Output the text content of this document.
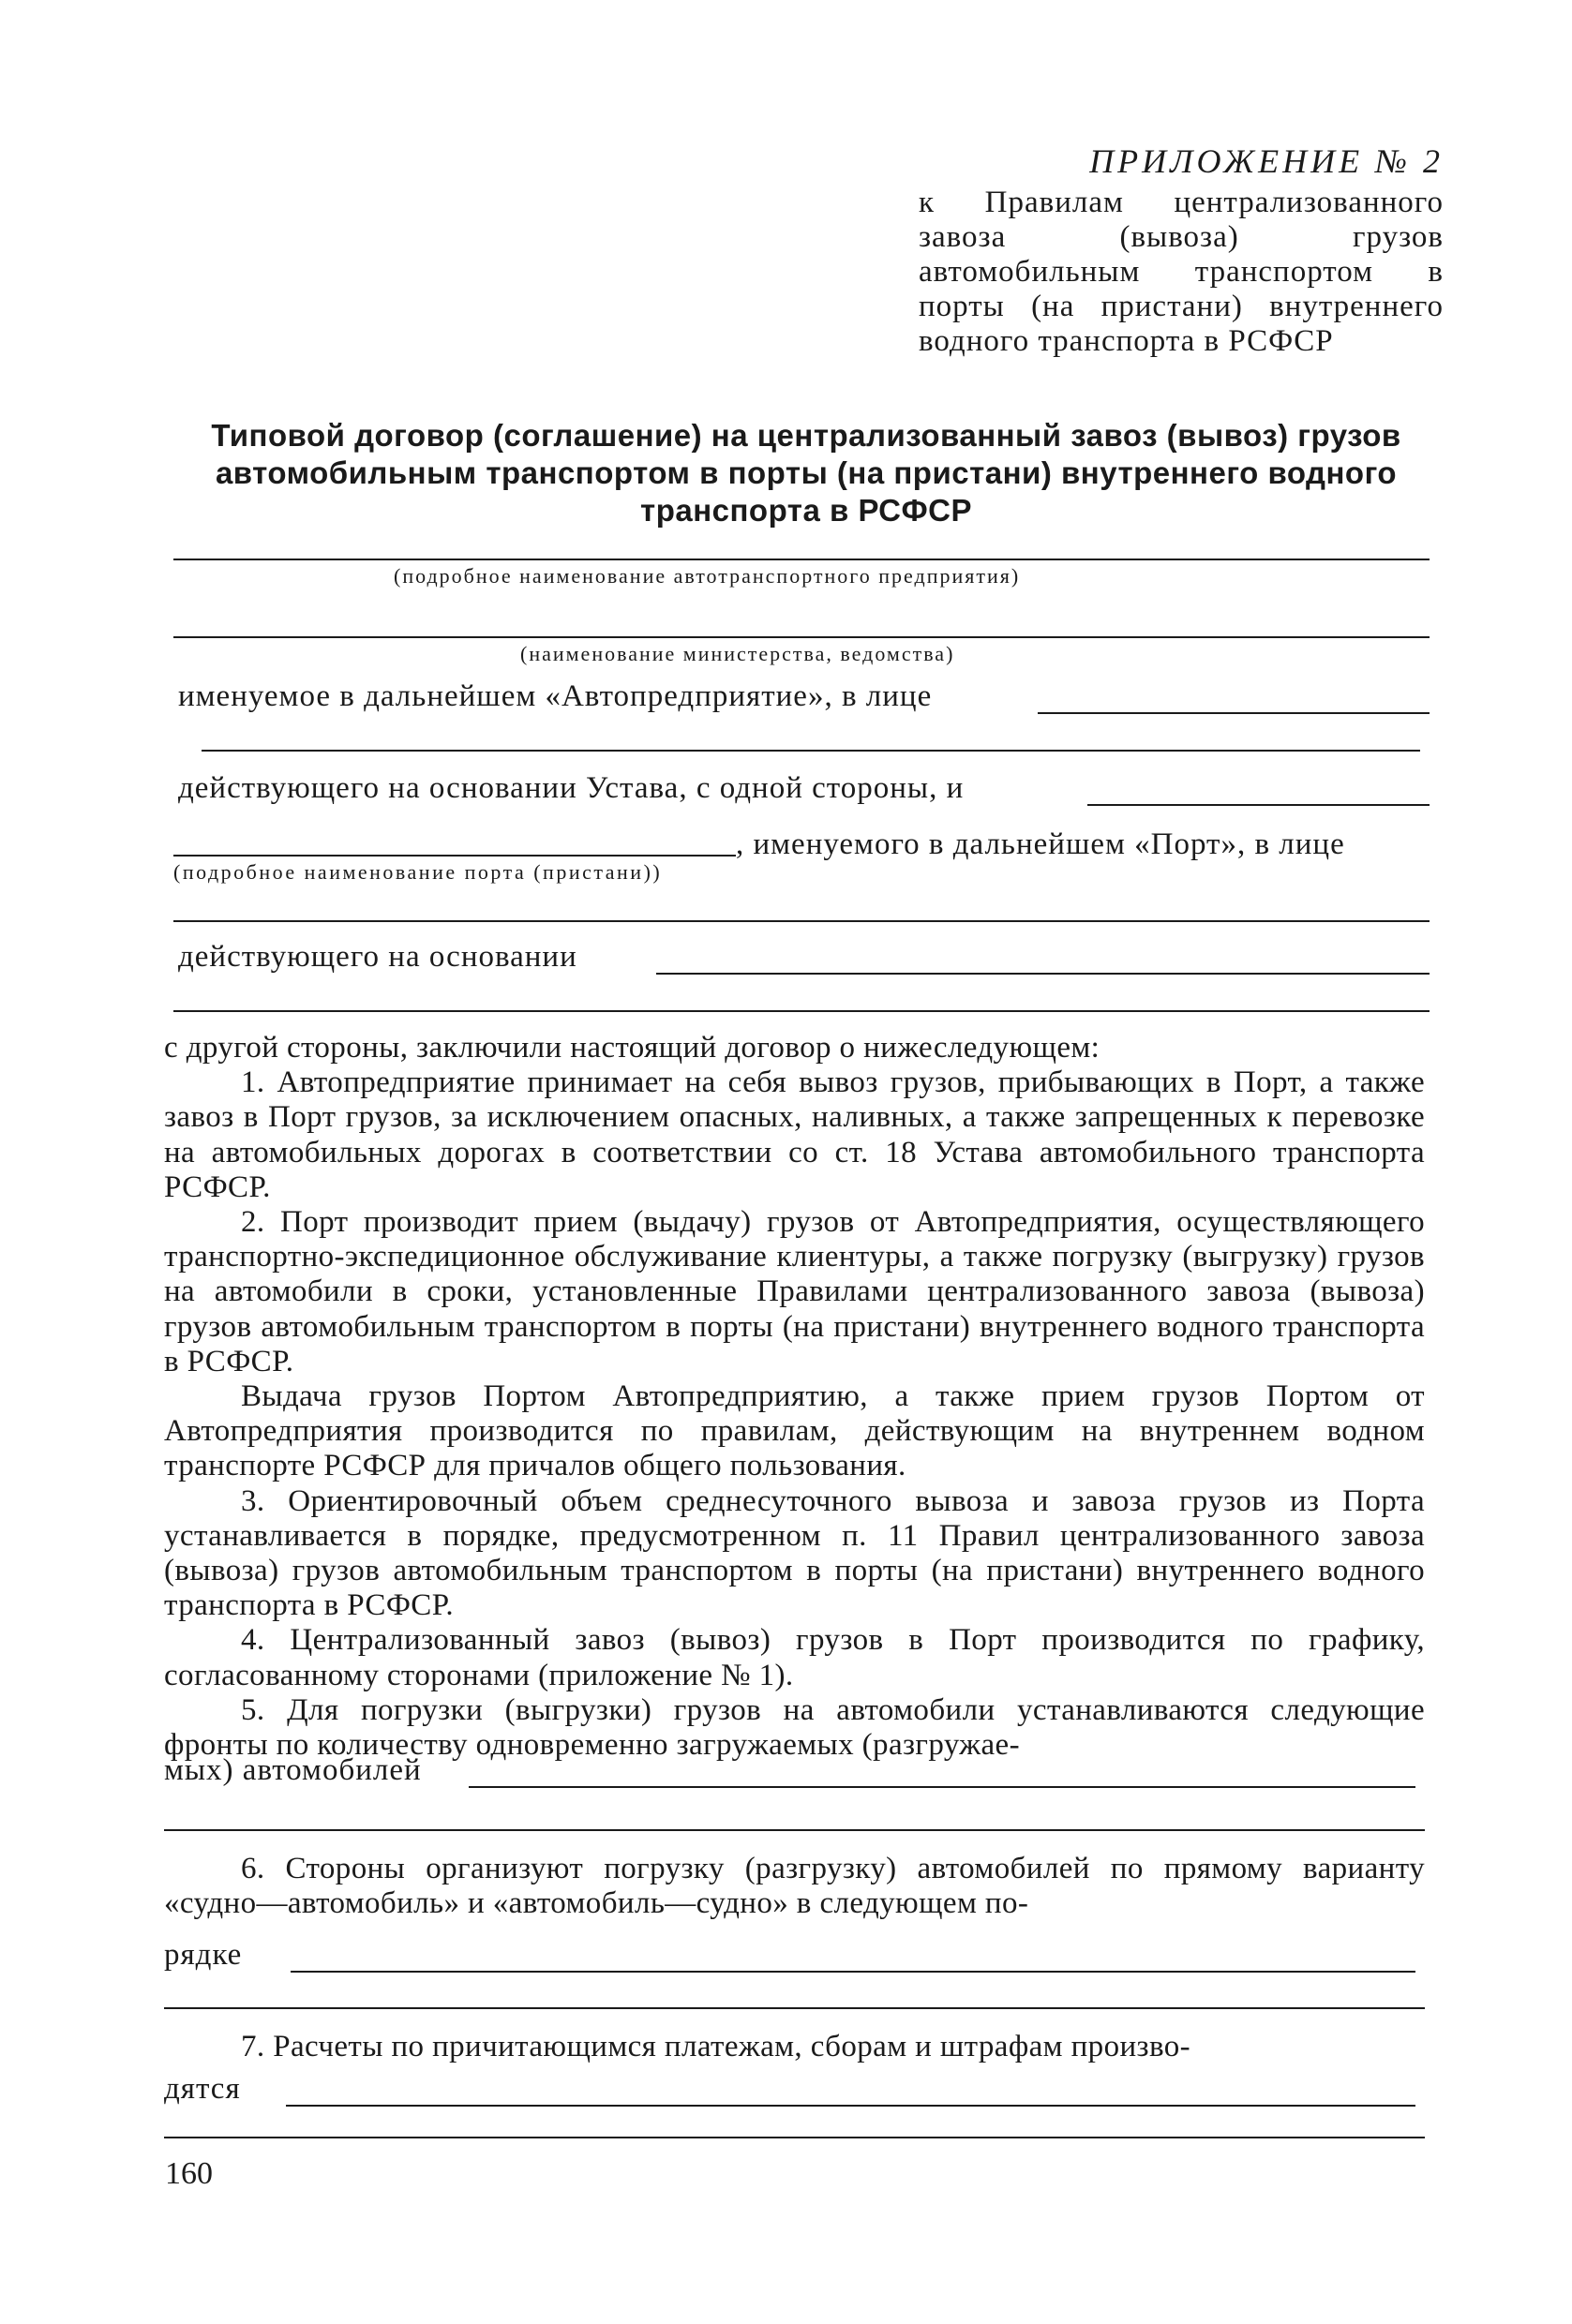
ПРИЛОЖЕНИЕ № 2
к Правилам централизованного завоза (вывоза) грузов автомобильным транспортом в порты (на пристани) внутреннего водного транспорта в РСФСР
Типовой договор (соглашение) на централизованный завоз (вывоз) грузов
автомобильным транспортом в порты (на пристани) внутреннего водного
транспорта в РСФСР
(подробное наименование автотранспортного предприятия)
(наименование министерства, ведомства)
именуемое в дальнейшем «Автопредприятие», в лице
действующего на основании Устава, с одной стороны, и
, именуемого в дальнейшем «Порт», в лице
(подробное наименование порта (пристани))
действующего на основании

с другой стороны, заключили настоящий договор о нижеследующем:

1. Автопредприятие принимает на себя вывоз грузов, прибывающих в Порт, а также завоз в Порт грузов, за исключением опасных, наливных, а также запрещенных к перевозке на автомобильных дорогах в соответствии со ст. 18 Устава автомобильного транспорта РСФСР.

2. Порт производит прием (выдачу) грузов от Автопредприятия, осуществляющего транспортно-экспедиционное обслуживание клиентуры, а также погрузку (выгрузку) грузов на автомобили в сроки, установленные Правилами централизованного завоза (вывоза) грузов автомобильным транспортом в порты (на пристани) внутреннего водного транспорта в РСФСР.

Выдача грузов Портом Автопредприятию, а также прием грузов Портом от Автопредприятия производится по правилам, действующим на внутреннем водном транспорте РСФСР для причалов общего пользования.

3. Ориентировочный объем среднесуточного вывоза и завоза грузов из Порта устанавливается в порядке, предусмотренном п. 11 Правил централизованного завоза (вывоза) грузов автомобильным транспортом в порты (на пристани) внутреннего водного транспорта в РСФСР.

4. Централизованный завоз (вывоз) грузов в Порт производится по графику, согласованному сторонами (приложение № 1).

5. Для погрузки (выгрузки) грузов на автомобили устанавливаются следующие фронты по количеству одновременно загружаемых (разгружае-

мых) автомобилей

6. Стороны организуют погрузку (разгрузку) автомобилей по прямому варианту «судно—автомобиль» и «автомобиль—судно» в следующем по-

рядке

7. Расчеты по причитающимся платежам, сборам и штрафам произво-

дятся
160
